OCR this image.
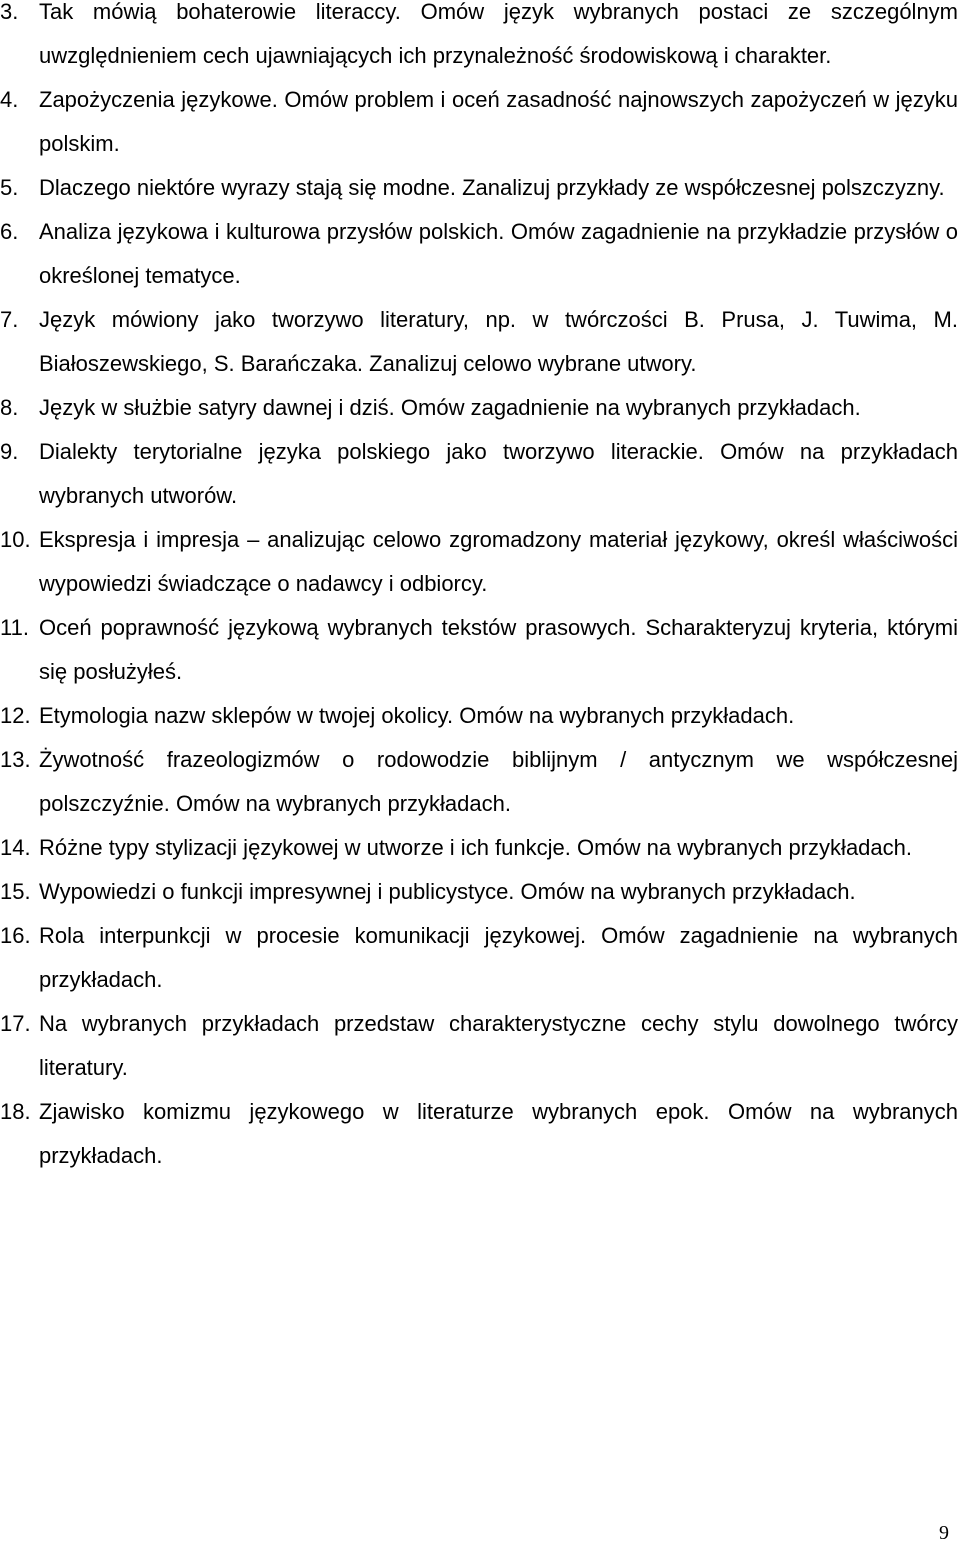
3. Tak mówią bohaterowie literaccy. Omów język wybranych postaci ze szczególnym uwzględnieniem cech ujawniających ich przynależność środowiskową i charakter.
4. Zapożyczenia językowe. Omów problem i oceń zasadność najnowszych zapożyczeń w języku polskim.
5. Dlaczego niektóre wyrazy stają się modne. Zanalizuj przykłady ze współczesnej polszczyzny.
6. Analiza językowa i kulturowa przysłów polskich. Omów zagadnienie na przykładzie przysłów o określonej tematyce.
7. Język mówiony jako tworzywo literatury, np. w twórczości B. Prusa, J. Tuwima, M. Białoszewskiego, S. Barańczaka. Zanalizuj celowo wybrane utwory.
8. Język w służbie satyry dawnej i dziś. Omów zagadnienie na wybranych przykładach.
9. Dialekty terytorialne języka polskiego jako tworzywo literackie. Omów na przykładach wybranych utworów.
10. Ekspresja i impresja – analizując celowo zgromadzony materiał językowy, określ właściwości wypowiedzi świadczące o nadawcy i odbiorcy.
11. Oceń poprawność językową wybranych tekstów prasowych. Scharakteryzuj kryteria, którymi się posłużyłeś.
12. Etymologia nazw sklepów w twojej okolicy. Omów na wybranych przykładach.
13. Żywotność frazeologizmów o rodowodzie biblijnym / antycznym we współczesnej polszczyźnie. Omów na wybranych przykładach.
14. Różne typy stylizacji językowej w utworze i ich funkcje. Omów na wybranych przykładach.
15. Wypowiedzi o funkcji impresywnej i publicystyce. Omów na wybranych przykładach.
16. Rola interpunkcji w procesie komunikacji językowej. Omów zagadnienie na wybranych przykładach.
17. Na wybranych przykładach przedstaw charakterystyczne cechy stylu dowolnego twórcy literatury.
18. Zjawisko komizmu językowego w literaturze wybranych epok. Omów na wybranych przykładach.
9
